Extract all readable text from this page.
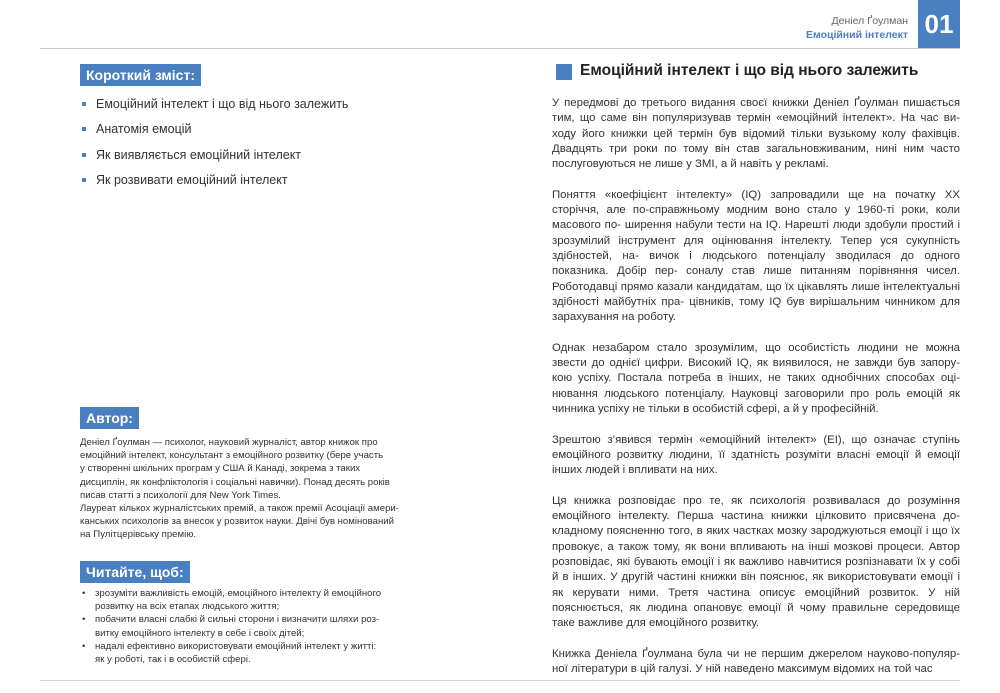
Деніел Ґоулман
Емоційний інтелект 01
Короткий зміст:
Емоційний інтелект і що від нього залежить
Анатомія емоцій
Як виявляється емоційний інтелект
Як розвивати емоційний інтелект
Автор:

Деніел Ґоулман — психолог, науковий журналіст, автор книжок про

емоційний інтелект, консультант з емоційного розвитку (бере участь

у створенні шкільних програм у США й Канаді, зокрема з таких

дисциплін, як конфліктологія і соціальні навички). Понад десять років

писав статті з психології для New York Times.

Лауреат кількох журналістських премій, а також премії Асоціації амери-

канських психологів за внесок у розвиток науки. Двічі був номінований

на Пулітцерівську премію.

Читайте, щоб:
• зрозуміти важливість емоцій, емоційного інтелекту й емоційного
розвитку на всіх етапах людського життя;
• побачити власні слабкі й сильні сторони і визначити шляхи роз-
витку емоційного інтелекту в себе і своїх дітей;
• надалі ефективно використовувати емоційний інтелект у житті:
як у роботі, так і в особистій сфері.
Емоційний інтелект і що від нього залежить

У передмові до третього видання своєї книжки Деніел Ґоулман пишається тим, що саме він популяризував термін «емоційний інтелект». На час ви- ходу його книжки цей термін був відомий тільки вузькому колу фахівців. Двадцять три роки по тому він став загальновживаним, нині ним часто послуговуються не лише у ЗМІ, а й навіть у рекламі.

Поняття «коефіцієнт інтелекту» (IQ) запровадили ще на початку ХХ сторіччя, але по-справжньому модним воно стало у 1960-ті роки, коли масового по- ширення набули тести на IQ. Нарешті люди здобули простий і зрозумілий інструмент для оцінювання інтелекту. Тепер уся сукупність здібностей, на- вичок і людського потенціалу зводилася до одного показника. Добір пер- соналу став лише питанням порівняння чисел. Роботодавці прямо казали кандидатам, що їх цікавлять лише інтелектуальні здібності майбутніх пра- цівників, тому IQ був вирішальним чинником для зарахування на роботу.

Однак незабаром стало зрозумілим, що особистість людини не можна звести до однієї цифри. Високий IQ, як виявилося, не завжди був запору- кою успіху. Постала потреба в інших, не таких однобічних способах оці- нювання людського потенціалу. Науковці заговорили про роль емоцій як чинника успіху не тільки в особистій сфері, а й у професійній.

Зрештою з’явився термін «емоційний інтелект» (EI), що означає ступінь емоційного розвитку людини, її здатність розуміти власні емоції й емоції інших людей і впливати на них.

Ця книжка розповідає про те, як психологія розвивалася до розуміння емоційного інтелекту. Перша частина книжки цілковито присвячена до- кладному поясненню того, в яких частках мозку зароджуються емоції і що їх провокує, а також тому, як вони впливають на інші мозкові процеси. Автор розповідає, які бувають емоції і як важливо навчитися розпізнавати їх у собі й в інших. У другій частині книжки він пояснює, як використовувати емоції і як керувати ними. Третя частина описує емоційний розвиток. У ній пояснюється, як людина опановує емоції й чому правильне середовище таке важливе для емоційного розвитку.

Книжка Деніела Ґоулмана була чи не першим джерелом науково-популяр- ної літератури в цій галузі. У ній наведено максимум відомих на той час
